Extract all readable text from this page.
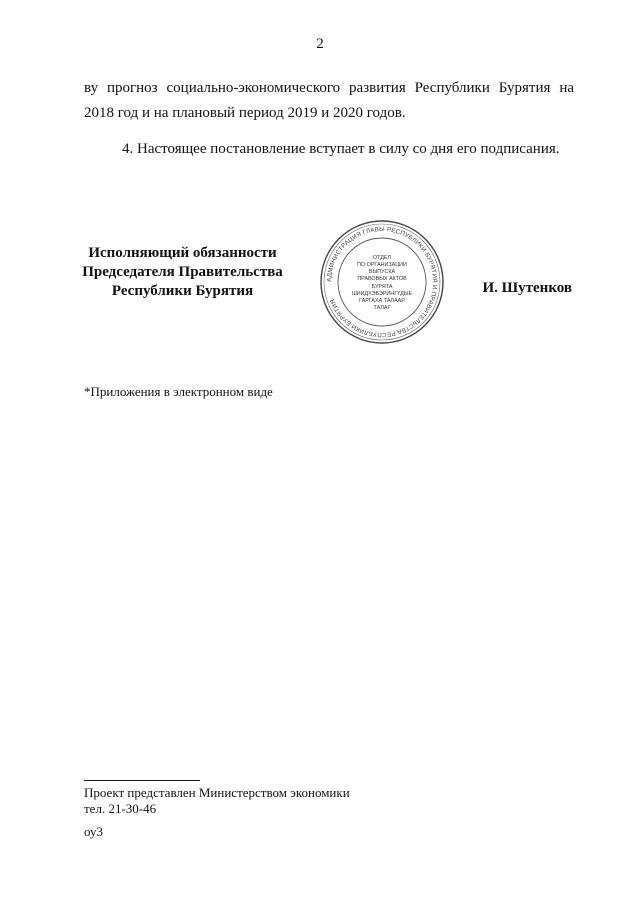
2
ву прогноз социально-экономического развития Республики Бурятия на
2018 год и на плановый период 2019 и 2020 годов.
4. Настоящее постановление вступает в силу со дня его подписания.
Исполняющий обязанности
Председателя Правительства
Республики Бурятия
АДМИНИСТРАЦИЯ ГЛАВЫ РЕСПУБЛИКИ БУРЯТИЯ И ПРАВИТЕЛЬСТВА РЕСПУБЛИКИ БУРЯТИЯ
ОТДЕЛ
ПО ОРГАНИЗАЦИИ
ВЫПУСКА
ПРАВОВЫХ АКТОВ
БУРЯТА
ШИИДХЭБЭРИНГҮДЫЕ
ГАРГАХА ТАЛААР
ТАЛАГ
И. Шутенков
*Приложения в электронном виде
Проект представлен Министерством экономики
тел. 21-30-46
оу3
